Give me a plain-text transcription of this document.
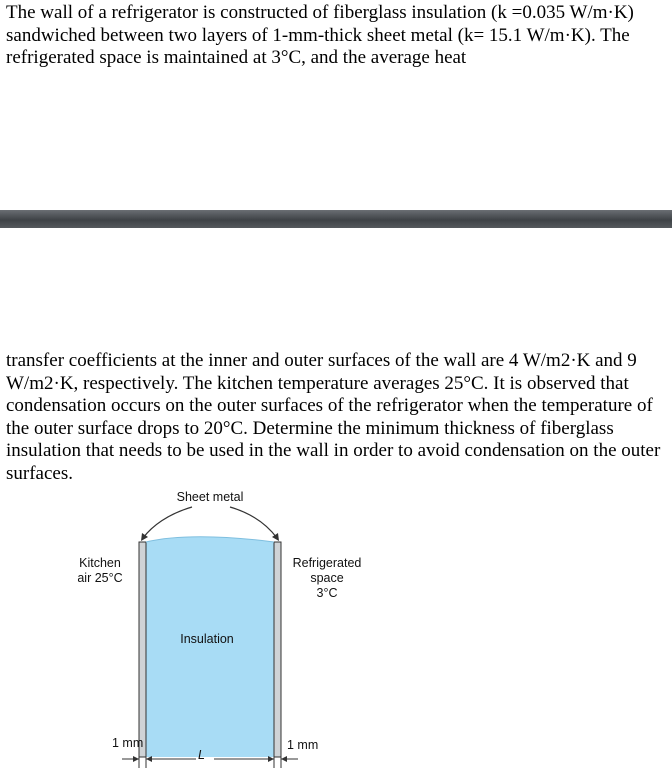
The wall of a refrigerator is constructed of fiberglass insulation (k =0.035 W/m·K) sandwiched between two layers of 1-mm-thick sheet metal (k= 15.1 W/m·K). The refrigerated space is maintained at 3°C, and the average heat

transfer coefficients at the inner and outer surfaces of the wall are 4 W/m2·K and 9 W/m2·K, respectively. The kitchen temperature averages 25°C. It is observed that condensation occurs on the outer surfaces of the refrigerator when the temperature of the outer surface drops to 20°C. Determine the minimum thickness of fiberglass insulation that needs to be used in the wall in order to avoid condensation on the outer surfaces.

Sheet metal
Kitchen
air 25°C
Refrigerated
space
3°C
Insulation
1 mm	1 mm
L
